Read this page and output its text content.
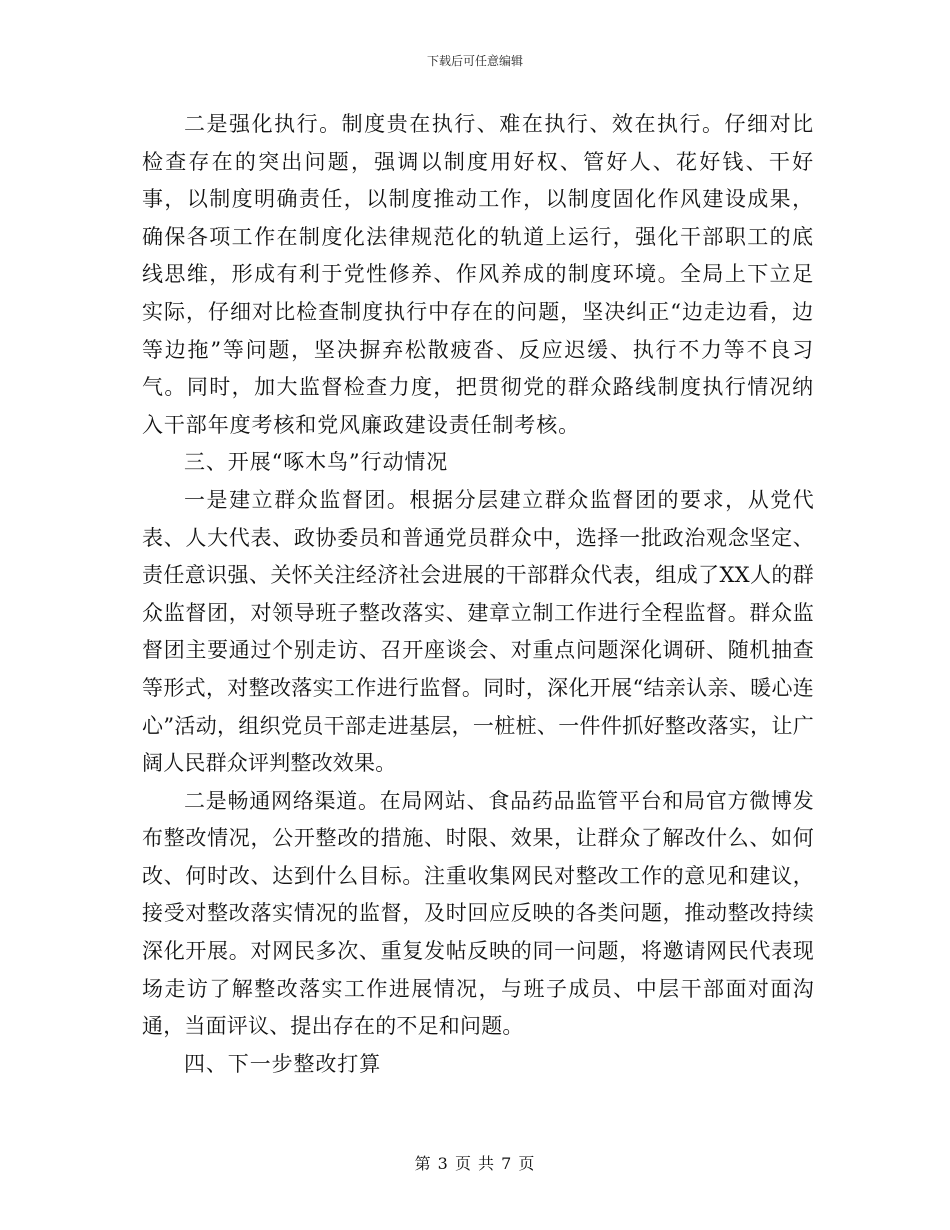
下载后可任意编辑

二是强化执行。制度贵在执行、难在执行、效在执行。仔细对比检查存在的突出问题，强调以制度用好权、管好人、花好钱、干好事，以制度明确责任，以制度推动工作，以制度固化作风建设成果，确保各项工作在制度化法律规范化的轨道上运行，强化干部职工的底线思维，形成有利于党性修养、作风养成的制度环境。全局上下立足实际，仔细对比检查制度执行中存在的问题，坚决纠正“边走边看，边等边拖”等问题，坚决摒弃松散疲沓、反应迟缓、执行不力等不良习气。同时，加大监督检查力度，把贯彻党的群众路线制度执行情况纳入干部年度考核和党风廉政建设责任制考核。

三、开展“啄木鸟”行动情况

一是建立群众监督团。根据分层建立群众监督团的要求，从党代表、人大代表、政协委员和普通党员群众中，选择一批政治观念坚定、责任意识强、关怀关注经济社会进展的干部群众代表，组成了XX人的群众监督团，对领导班子整改落实、建章立制工作进行全程监督。群众监督团主要通过个别走访、召开座谈会、对重点问题深化调研、随机抽查等形式，对整改落实工作进行监督。同时，深化开展“结亲认亲、暖心连心”活动，组织党员干部走进基层，一桩桩、一件件抓好整改落实，让广阔人民群众评判整改效果。

二是畅通网络渠道。在局网站、食品药品监管平台和局官方微博发布整改情况，公开整改的措施、时限、效果，让群众了解改什么、如何改、何时改、达到什么目标。注重收集网民对整改工作的意见和建议，接受对整改落实情况的监督，及时回应反映的各类问题，推动整改持续深化开展。对网民多次、重复发帖反映的同一问题，将邀请网民代表现场走访了解整改落实工作进展情况，与班子成员、中层干部面对面沟通，当面评议、提出存在的不足和问题。

四、下一步整改打算

第 3 页 共 7 页
